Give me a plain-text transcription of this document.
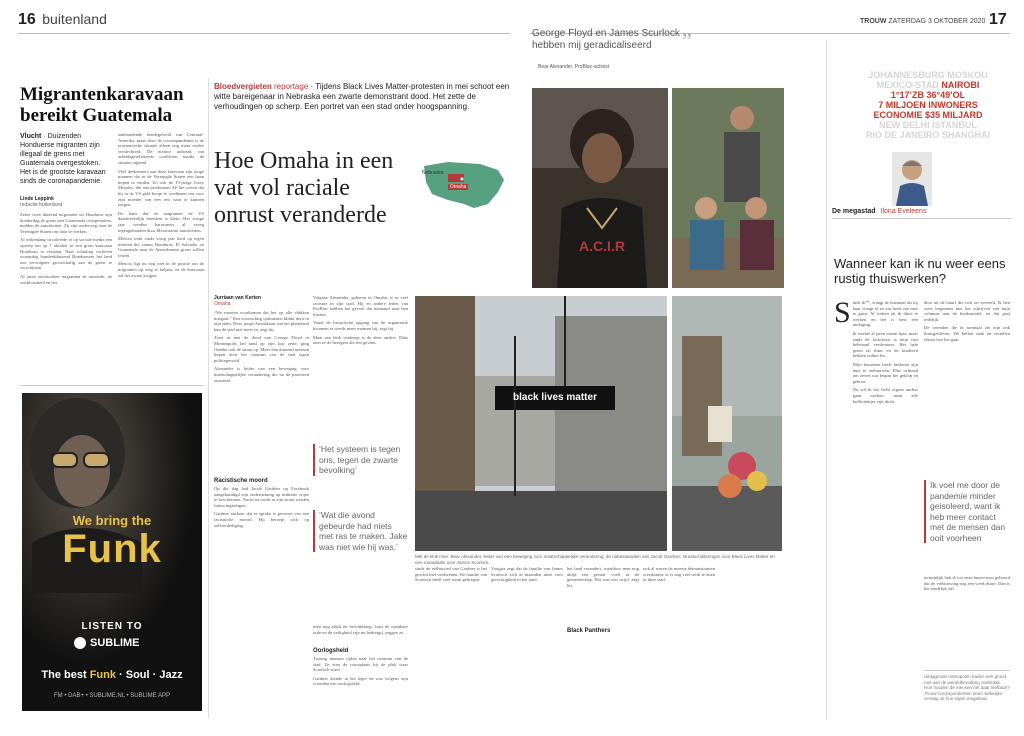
16 buitenland
Migrantenkaravaan bereikt Guatemala
Vlucht · Duizenden Honduerse migranten zijn illegaal de grens met Guatemala overgestoken. Het is de grootste karavaan sinds de coronapandemie.
Linde Leppink
redactie buitenland

Zeker twee duizend migranten uit Honduras zijn donderdag de grens met Guatemala overgestoken, melden de autoriteiten. Zij zijn onderweg naar de Verenigde Staten om daar te werken.

Al wekenlang circuleerde er op sociale media een oproep om op 1 oktober in een grote karavaan Honduras te verlaten. Naar schatting verlieten woensdag honderdduizend Hondurezen het land om vervolgens grootschalig aan de grens te verschijnen.

Al jaren ontvluchten migranten de armoede, de werkloosheid en het

aanhoudende bendegeweld van Centraal-Amerika, maar door de coronapandemie is de economische situatie alleen nog maar verder verslechterd. De nieuwe uitbraak van arbeidsgerelateerde conflicten maakt de situatie nijpend.

Veel deelnemers aan deze karavaan zijn jonge mannen die in de Verenigde Staten een baan hopen te vinden. Zo ook de 19-jarige Josey Morales, die aan persbureau AP liet weten dat hij in de VS geld hoopt te verdienen om voor zijn moeder van een reis naar te kunnen zorgen.

De kans dat de migranten de VS daadwerkelijk bereiken is klein. Het vorige jaar werden karavanen al vroeg tegengehouden door Mexicaanse autoriteiten.

Mexico trekt sinds vorig jaar hard op tegen mensen die vanuit Honduras, El Salvador en Guatemala naar de Amerikaanse grens willen reizen.

Mexico ligt nu nog niet in de positie om de migranten op weg te helpen, en de karavaan zal het zwaar krijgen.

We bring the
Funk
LISTEN TO
SUBLIME
The best Funk · Soul · Jazz
FM • DAB+ • SUBLIME.NL • SUBLIME APP
Bloedvergieten reportage · Tijdens Black Lives Matter-protesten in mei schoot een witte bareigenaar in Nebraska een zwarte demonstrant dood. Het zette de verhoudingen op scherp. Een portret van een stad onder hoogspanning.
Hoe Omaha in een vat vol raciale onrust veranderde
Nebraska
Omaha
Jurriaan van Kerten
Omaha

“We moeten voorkomen dat het op alle vlakken misgaat.” Een voorzichtig optimisme klinkt door in zijn stem. Deze jonge Amerikaan van het platteland kan de stad niet meer in, zegt hij.

Toen in mei de dood van George Floyd in Minneapolis het land op zijn kop zette, ging Omaha ook de straat op. Meer dan duizend mensen liepen door het centrum van de stad tegen politiegeweld.

Alexander is leider van een beweging voor maatschappelijke verandering die na de protesten ontstond.

Racistische moord

Op die dag had Jacob Gardner op Facebook aangekondigd zijn onderneming op militaire wijze te beschermen. Nacht na nacht in zijn straat werden ruiten ingeslagen.

Gardner ontkent dat er sprake is geweest van een racistische moord. Hij beroept zich op zelfverdediging.

Volgens Alexander, geboren in Omaha, is er veel racisme in zijn stad. Hij en andere leden van ProBlac hebben het gevoel dat niemand naar hen luistert.

Vanaf de historische opgang van de organisatie kwamen er steeds meer mensen bij, zegt hij.

Maar een blok verderop is de sfeer anders. Daar zien ze de betogers als een gevaar.

‘Het systeem is tegen ons, tegen de zwarte bevolking’
‘Wat die avond gebeurde had niets met ras te maken. Jake was niet wie hij was.’
men nog altijd ter beschikking. Juist de openbare orde en de veiligheid zijn nu bedreigd, zeggen ze.
Oorlogsheld

Twintig mensen rijden naar het centrum van de stad. Ze zien de rouwplaats bij de plek waar Scurlock stierf.

Gardner diende in het leger en was volgens zijn vrienden een oorlogsheld.

TROUW ZATERDAG 3 OKTOBER 2020 17
George Floyd en James Scurlock
hebben mij geradicaliseerd	”
Bear Alexander, ProBlac-activist
A.C.I.R
black lives matter
Met de klok mee: Bear Alexander, leider van een beweging voor maatschappelijke verandering; de nabestaanden van Jacob Gardner; straatschilderingen voor Black Lives Matter en een rouwplaats voor James Scurlock.
sinds de zelfmoord van Gardner is het geschil niet verdwenen. De familie van Scurlock heeft veel steun gekregen.
Voogtra zegt dat de familie van James Scurlock zich al maanden inzet voor gerechtigheid in het land.
het land verandert, waardoor men nog altijd een gevaar voelt in de gemeenschap. Het was een strijd, zegt hij.
Black Panthers
ook al waren de meeste demonstranten vreedzaam: er is nog veel werk te doen in deze stad.
JOHANNESBURG MOSKOU
MEXICO-STAD NAIROBI
1°17’ZB 36°49’OL
7 MILJOEN INWONERS
ECONOMIE $35 MILJARD
NEW DELHI ISTANBUL
RIO DE JANEIRO SHANGHAI
De megastad Ilona Eveleens
Wanneer kan ik nu weer eens rustig thuiswerken?
S inds ik**, vraagt de huisman als hij haar vraagt of ze zin heeft om mee te gaan. Al weken zit ik thuis te werken en het is best een uitdaging.

Ik werkte al jaren vanuit huis, maar sinds de lockdown is mijn rust helemaal verdwenen. Het hele gezin zit thuis en de kinderen hebben online les.

Mijn buurman heeft besloten zijn huis te verbouwen. Elke ochtend om zeven uur begint het geklop en geboor.

Nu wil ik het liefst ergens anders gaan werken, maar alle koffietentjes zijn dicht.

deur uit de buurt die rich on verveelt. Ik ben weer begonnen met het schrijven van mijn columns aan de keukentafel, en dat gaat redelijk.

De vrienden die ik normaal zie zijn ook thuisgebleven. We bellen vaak en vertellen elkaar hoe het gaat.

Ik voel me door de pandemie minder geisoleerd, want ik heb meer contact met de mensen dan ooit voorheen
termijnlijk heb ik via onze buurvrouw gehoord dat de verbouwing nog een week duurt. Dan is het eindelijk stil.
Uitdagende metropolen baden een grond niet aan de wereldbevolking onderdak. Hoe houden de mensen het daar leefbaar? Trouw-correspondenten doen wekelijks verslag uit hun eigen megastad.
